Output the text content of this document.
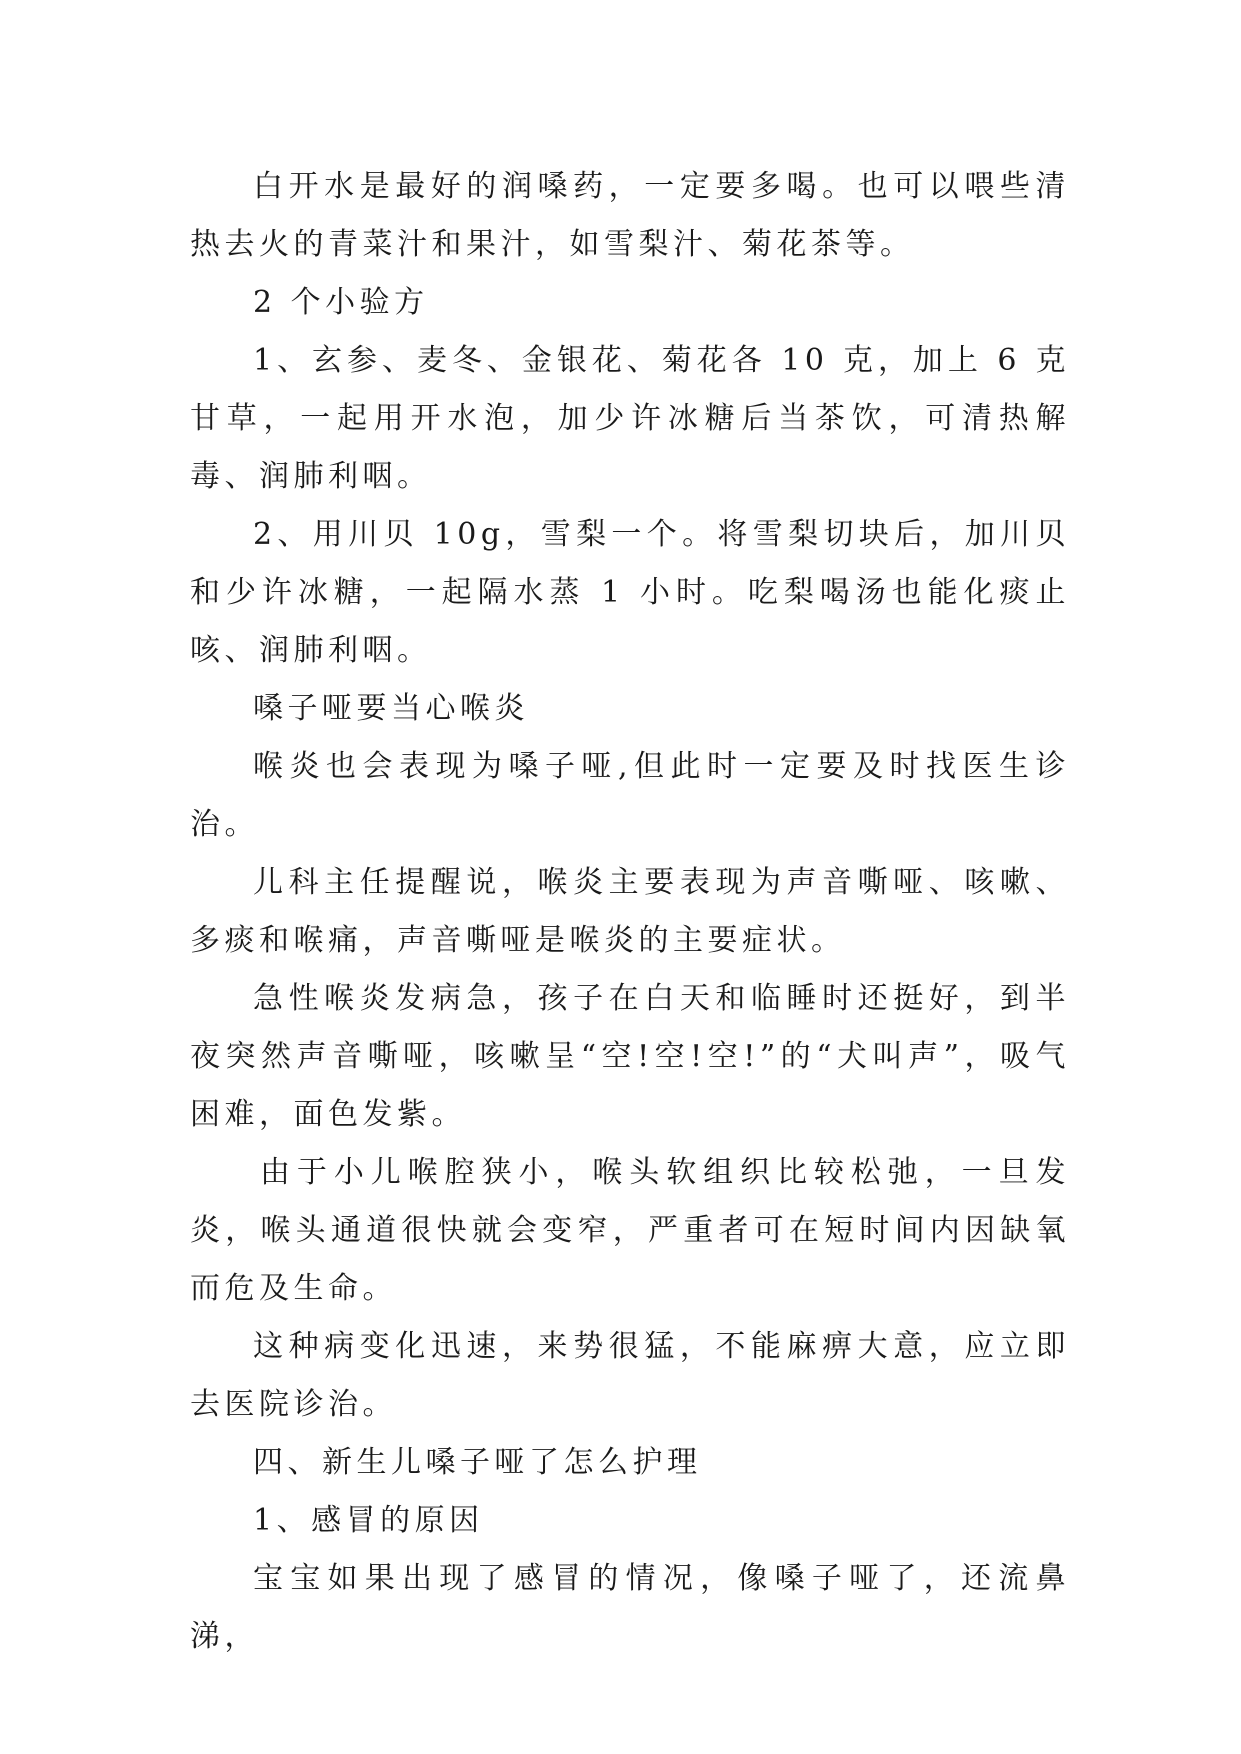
白开水是最好的润嗓药，一定要多喝。也可以喂些清热去火的青菜汁和果汁，如雪梨汁、菊花茶等。

2 个小验方

1、玄参、麦冬、金银花、菊花各 10 克，加上 6 克甘草，一起用开水泡，加少许冰糖后当茶饮，可清热解毒、润肺利咽。

2、用川贝 10g，雪梨一个。将雪梨切块后，加川贝和少许冰糖，一起隔水蒸 1 小时。吃梨喝汤也能化痰止咳、润肺利咽。

嗓子哑要当心喉炎

喉炎也会表现为嗓子哑,但此时一定要及时找医生诊治。

儿科主任提醒说，喉炎主要表现为声音嘶哑、咳嗽、多痰和喉痛，声音嘶哑是喉炎的主要症状。

急性喉炎发病急，孩子在白天和临睡时还挺好，到半夜突然声音嘶哑，咳嗽呈“空!空!空!”的“犬叫声”，吸气困难，面色发紫。

由于小儿喉腔狭小，喉头软组织比较松弛，一旦发炎，喉头通道很快就会变窄，严重者可在短时间内因缺氧而危及生命。

这种病变化迅速，来势很猛，不能麻痹大意，应立即去医院诊治。

四、新生儿嗓子哑了怎么护理

1、感冒的原因

宝宝如果出现了感冒的情况，像嗓子哑了，还流鼻涕，
